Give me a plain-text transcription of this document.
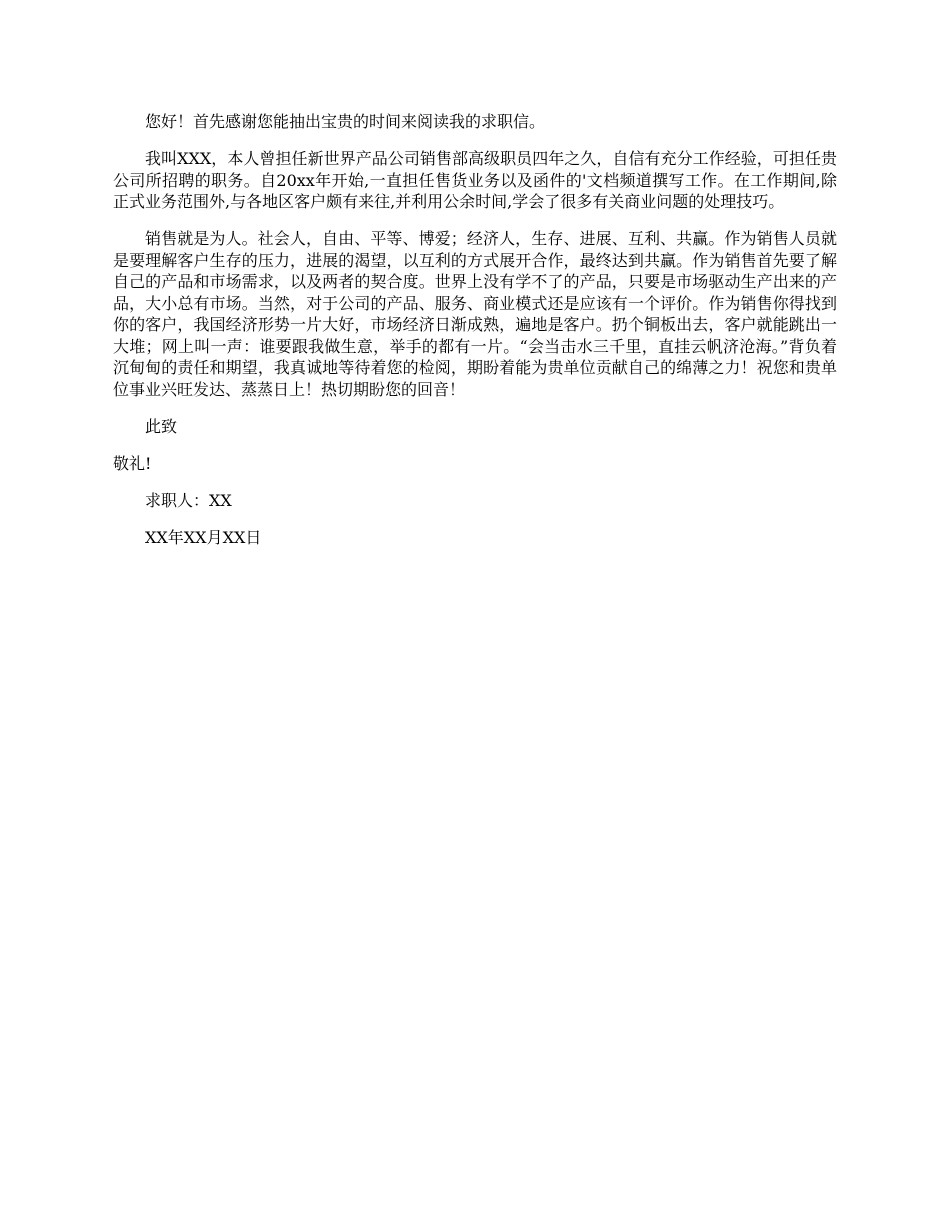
您好！首先感谢您能抽出宝贵的时间来阅读我的求职信。

我叫XXX，本人曾担任新世界产品公司销售部高级职员四年之久，自信有充分工作经验，可担任贵公司所招聘的职务。自20xx年开始,一直担任售货业务以及函件的'文档频道撰写工作。在工作期间,除正式业务范围外,与各地区客户颇有来往,并利用公余时间,学会了很多有关商业问题的处理技巧。

销售就是为人。社会人，自由、平等、博爱；经济人，生存、进展、互利、共赢。作为销售人员就是要理解客户生存的压力，进展的渴望，以互利的方式展开合作，最终达到共赢。作为销售首先要了解自己的产品和市场需求，以及两者的契合度。世界上没有学不了的产品，只要是市场驱动生产出来的产品，大小总有市场。当然，对于公司的产品、服务、商业模式还是应该有一个评价。作为销售你得找到你的客户，我国经济形势一片大好，市场经济日渐成熟，遍地是客户。扔个铜板出去，客户就能跳出一大堆；网上叫一声：谁要跟我做生意，举手的都有一片。“会当击水三千里，直挂云帆济沧海。”背负着沉甸甸的责任和期望，我真诚地等待着您的检阅，期盼着能为贵单位贡献自己的绵薄之力！祝您和贵单位事业兴旺发达、蒸蒸日上！热切期盼您的回音！

此致

敬礼!

求职人：XX

XX年XX月XX日
